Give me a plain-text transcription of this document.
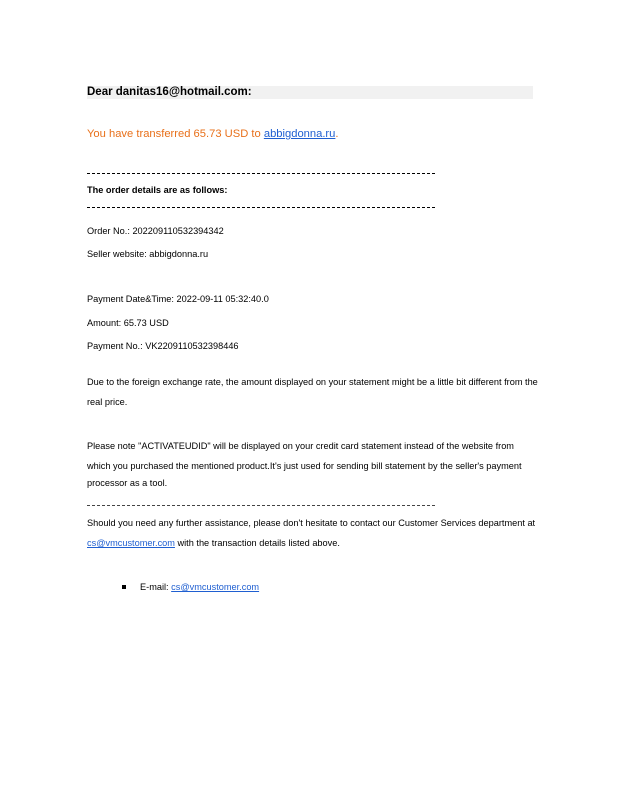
Dear danitas16@hotmail.com:
You have transferred 65.73 USD to abbigdonna.ru.
The order details are as follows:
Order No.: 202209110532394342
Seller website: abbigdonna.ru
Payment Date&Time: 2022-09-11 05:32:40.0
Amount: 65.73 USD
Payment No.: VK2209110532398446
Due to the foreign exchange rate, the amount displayed on your statement might be a little bit different from the
real price.
Please note "ACTIVATEUDID" will be displayed on your credit card statement instead of the website from
which you purchased the mentioned product.It's just used for sending bill statement by the seller's payment
processor as a tool.
Should you need any further assistance, please don't hesitate to contact our Customer Services department at
cs@vmcustomer.com with the transaction details listed above.
E-mail: cs@vmcustomer.com
